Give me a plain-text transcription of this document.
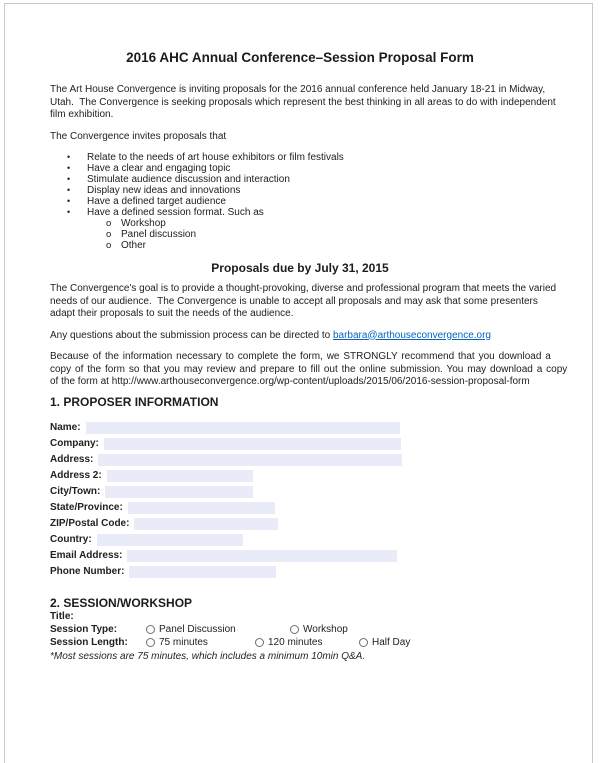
2016 AHC Annual Conference–Session Proposal Form
The Art House Convergence is inviting proposals for the 2016 annual conference held January 18-21 in Midway,
Utah.  The Convergence is seeking proposals which represent the best thinking in all areas to do with independent
film exhibition.
The Convergence invites proposals that
•	Relate to the needs of art house exhibitors or film festivals
•	Have a clear and engaging topic
•	Stimulate audience discussion and interaction
•	Display new ideas and innovations
•	Have a defined target audience
•	Have a defined session format. Such as
o Workshop
o Panel discussion
o Other
Proposals due by July 31, 2015
The Convergence's goal is to provide a thought-provoking, diverse and professional program that meets the varied
needs of our audience.  The Convergence is unable to accept all proposals and may ask that some presenters
adapt their proposals to suit the needs of the audience.
Any questions about the submission process can be directed to barbara@arthouseconvergence.org
Because of the information necessary to complete the form, we STRONGLY recommend that you download a
copy of the form so that you may review and prepare to fill out the online submission. You may download a copy
of the form at http://www.arthouseconvergence.org/wp-content/uploads/2015/06/2016-session-proposal-form
1. PROPOSER INFORMATION
Name:
Company:
Address:
Address 2:
City/Town:
State/Province:
ZIP/Postal Code:
Country:
Email Address:
Phone Number:
2. SESSION/WORKSHOP
Title:
Session Type:	Panel Discussion	Workshop
Session Length:	75 minutes	120 minutes	Half Day
*Most sessions are 75 minutes, which includes a minimum 10min Q&A.
